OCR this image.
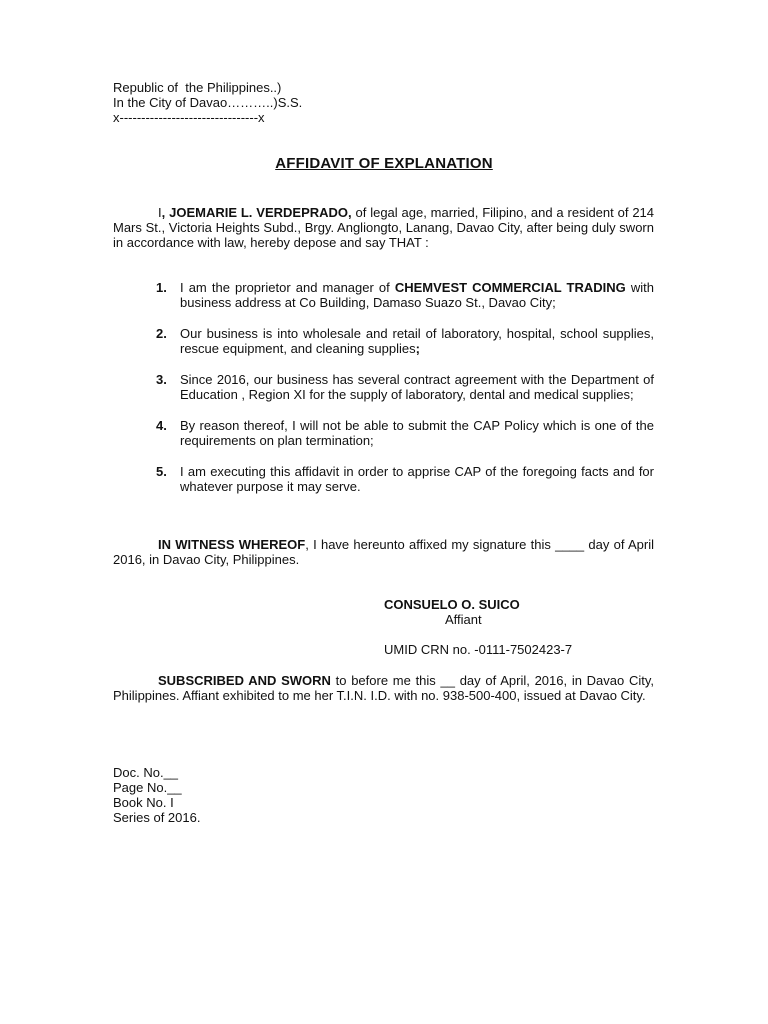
Republic of  the Philippines..)
In the City of Davao………..)S.S.
x--------------------------------x
AFFIDAVIT OF EXPLANATION
I, JOEMARIE L. VERDEPRADO, of legal age, married, Filipino, and a resident of 214 Mars St., Victoria Heights Subd., Brgy. Angliongto, Lanang, Davao City, after being duly sworn in accordance with law, hereby depose and say THAT :
1.	I am the proprietor and manager of CHEMVEST COMMERCIAL TRADING with business address at Co Building, Damaso Suazo St., Davao City;
2.	Our business is into wholesale and retail of laboratory, hospital, school supplies, rescue equipment, and cleaning supplies;
3.	Since 2016, our business has several contract agreement with the Department of Education , Region XI for the supply of laboratory, dental and medical supplies;
4.	By reason thereof, I will not be able to submit the CAP Policy which is one of the requirements on plan termination;
5.	I am executing this affidavit in order to apprise CAP of the foregoing facts and for whatever purpose it may serve.
IN WITNESS WHEREOF, I have hereunto affixed my signature this ____ day of April 2016, in Davao City, Philippines.
CONSUELO O. SUICO
Affiant
UMID CRN no. -0111-7502423-7
SUBSCRIBED AND SWORN to before me this __ day of April, 2016, in Davao City, Philippines. Affiant exhibited to me her T.I.N. I.D. with no. 938-500-400, issued at Davao City.
Doc. No.__
Page No.__
Book No. I
Series of 2016.
